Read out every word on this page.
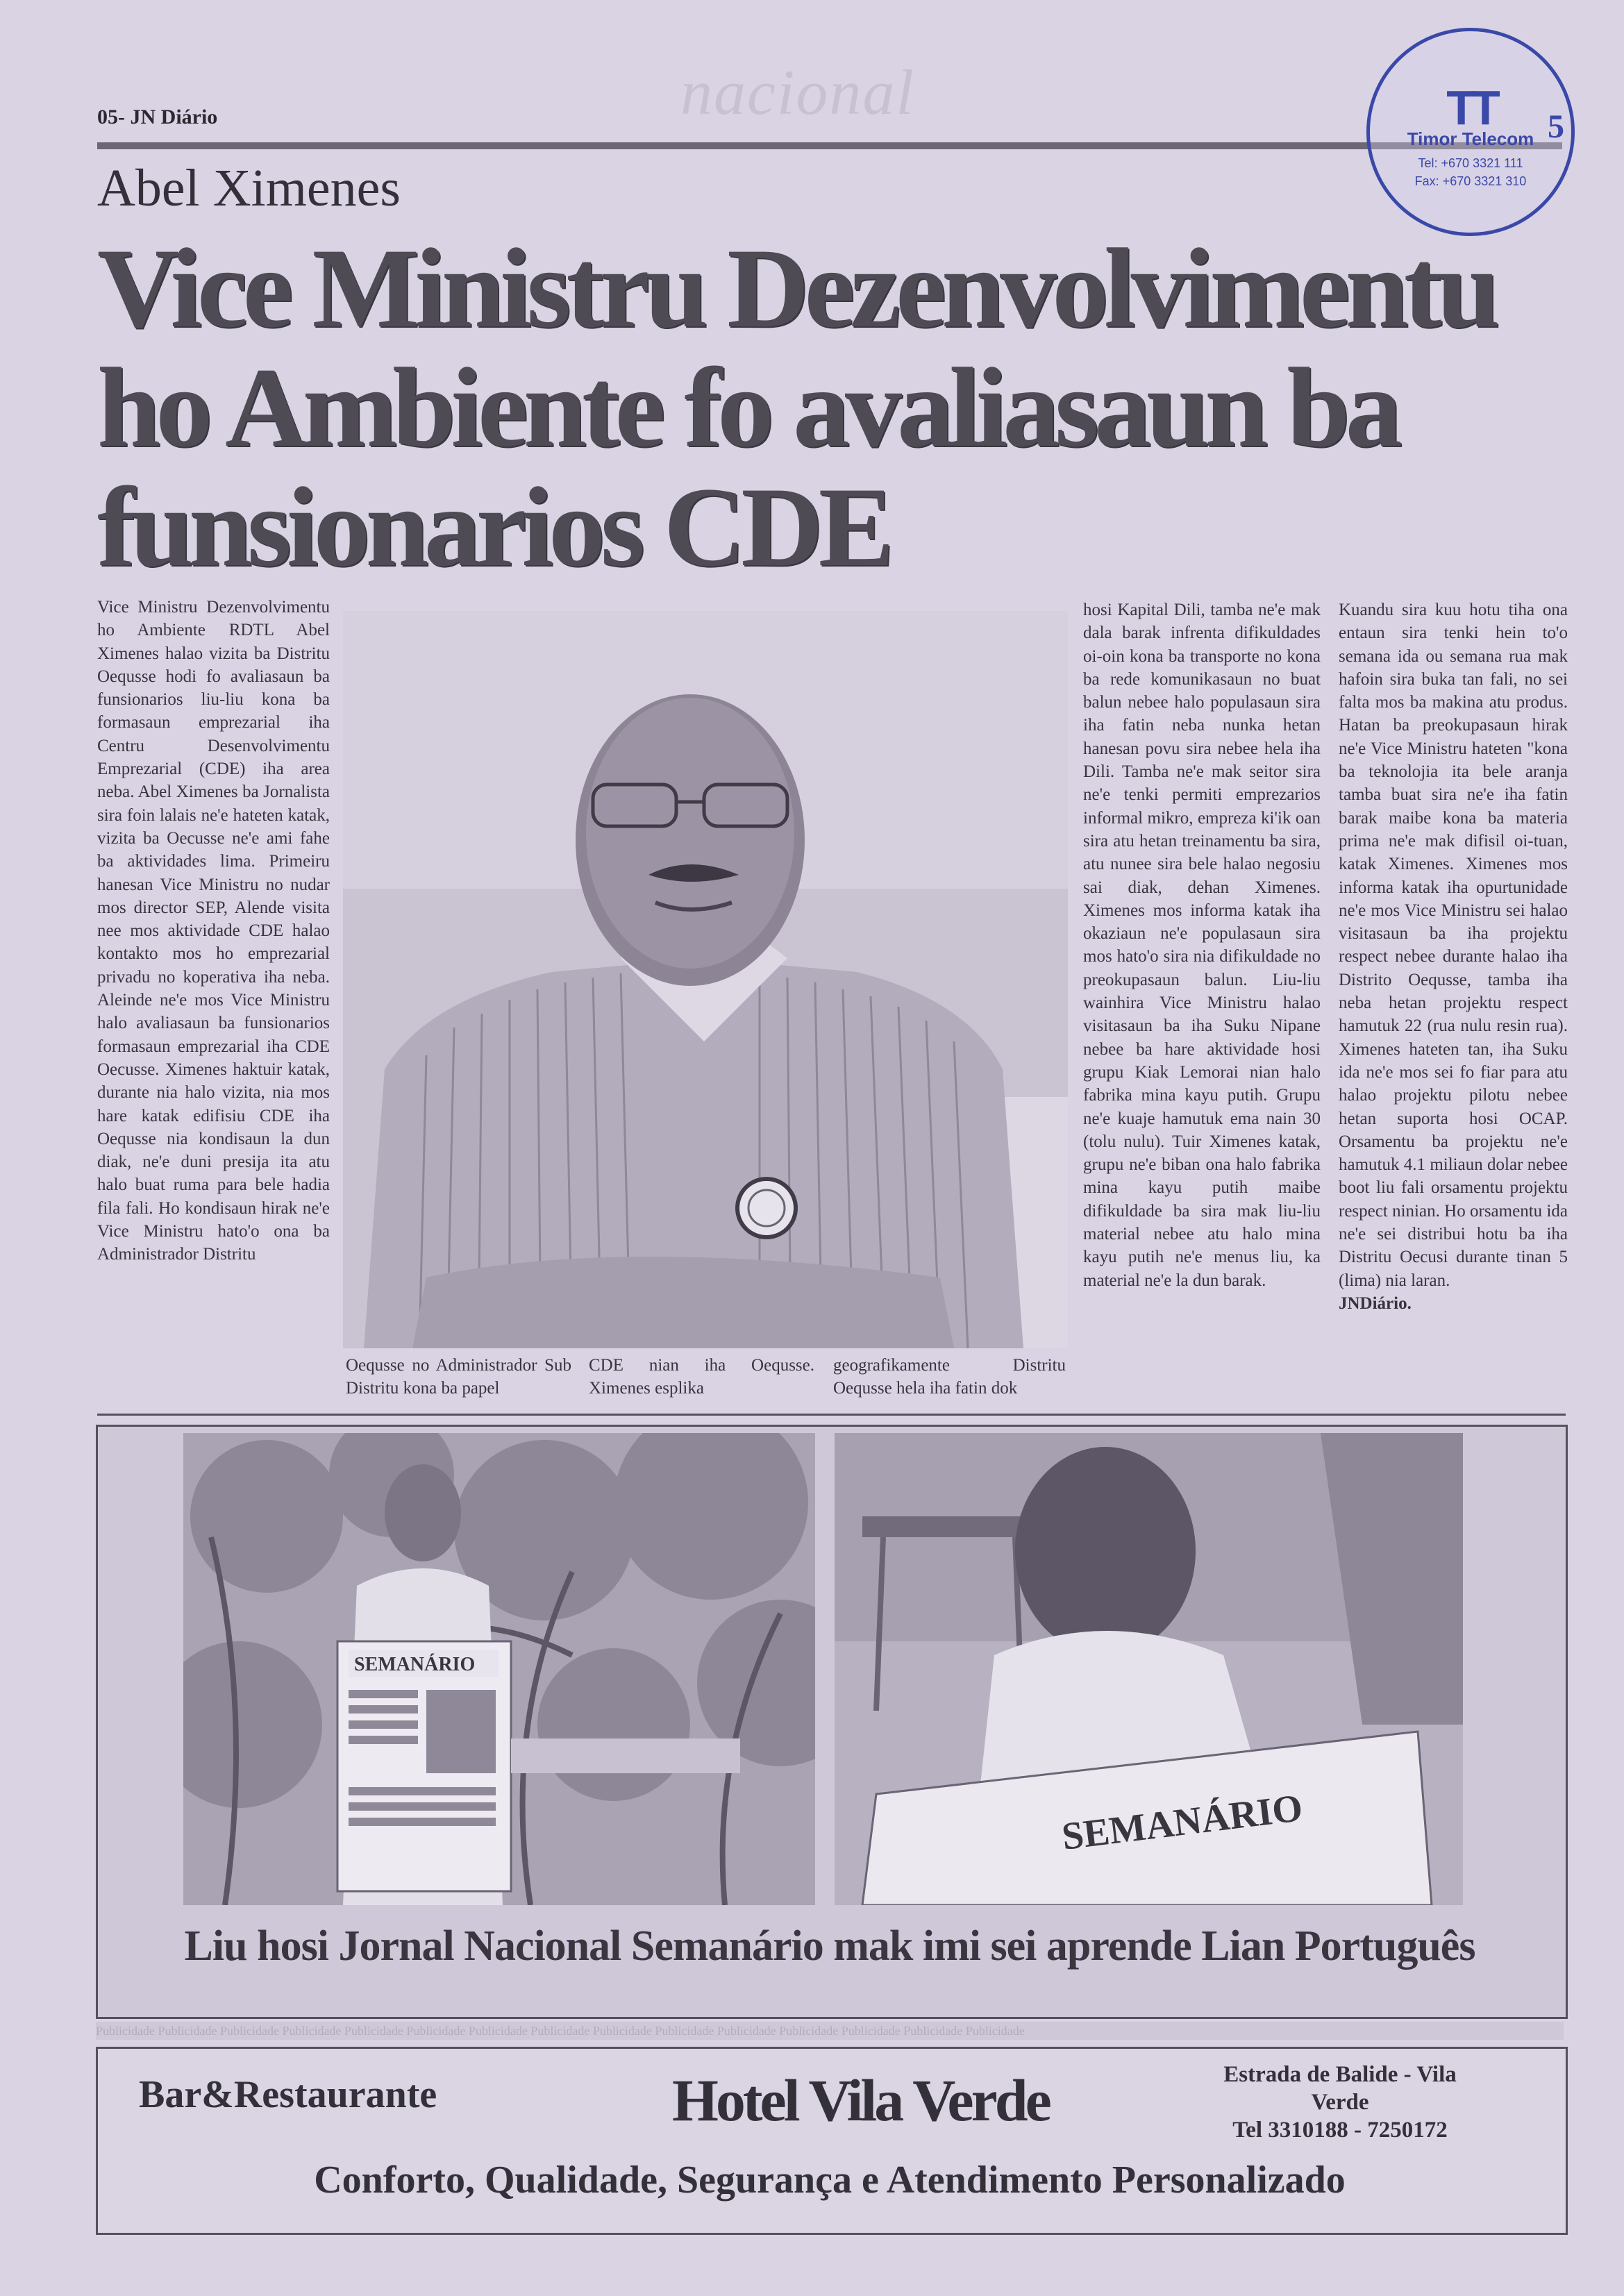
05- JN Diário	nacional	TT
Timor Telecom
Tel: +670 3321 111
Fax: +670 3321 310
5
Abel Ximenes
Vice Ministru Dezenvolvimentu ho Ambiente fo avaliasaun ba funsionarios CDE

Vice Ministru Dezenvolvimentu ho Ambiente RDTL Abel Ximenes halao vizita ba Distritu Oequsse hodi fo avaliasaun ba funsionarios liu-liu kona ba formasaun emprezarial iha Centru Desenvolvimentu Emprezarial (CDE) iha area neba. Abel Ximenes ba Jornalista sira foin lalais ne'e hateten katak, vizita ba Oecusse ne'e ami fahe ba aktividades lima. Primeiru hanesan Vice Ministru no nudar mos director SEP, Alende visita nee mos aktividade CDE halao kontakto mos ho emprezarial privadu no koperativa iha neba. Aleinde ne'e mos Vice Ministru halo avaliasaun ba funsionarios formasaun emprezarial iha CDE Oecusse. Ximenes haktuir katak, durante nia halo vizita, nia mos hare katak edifisiu CDE iha Oequsse nia kondisaun la dun diak, ne'e duni presija ita atu halo buat ruma para bele hadia fila fali. Ho kondisaun hirak ne'e Vice Ministru hato'o ona ba Administrador Distritu

Oequsse no Administrador Sub Distritu kona ba papel
CDE nian iha Oequsse. Ximenes esplika
geografikamente Distritu Oequsse hela iha fatin dok

hosi Kapital Dili, tamba ne'e mak dala barak infrenta difikuldades oi-oin kona ba transporte no kona ba rede komunikasaun no buat balun nebee halo populasaun sira iha fatin neba nunka hetan hanesan povu sira nebee hela iha Dili. Tamba ne'e mak seitor sira ne'e tenki permiti emprezarios informal mikro, empreza ki'ik oan sira atu hetan treinamentu ba sira, atu nunee sira bele halao negosiu sai diak, dehan Ximenes. Ximenes mos informa katak iha okaziaun ne'e populasaun sira mos hato'o sira nia difikuldade no preokupasaun balun. Liu-liu wainhira Vice Ministru halao visitasaun ba iha Suku Nipane nebee ba hare aktividade hosi grupu Kiak Lemorai nian halo fabrika mina kayu putih. Grupu ne'e kuaje hamutuk ema nain 30 (tolu nulu). Tuir Ximenes katak, grupu ne'e biban ona halo fabrika mina kayu putih maibe difikuldade ba sira mak liu-liu material nebee atu halo mina kayu putih ne'e menus liu, ka material ne'e la dun barak.

Kuandu sira kuu hotu tiha ona entaun sira tenki hein to'o semana ida ou semana rua mak hafoin sira buka tan fali, no sei falta mos ba makina atu produs. Hatan ba preokupasaun hirak ne'e Vice Ministru hateten "kona ba teknolojia ita bele aranja tamba buat sira ne'e iha fatin barak maibe kona ba materia prima ne'e mak difisil oi-tuan, katak Ximenes. Ximenes mos informa katak iha opurtunidade ne'e mos Vice Ministru sei halao visitasaun ba iha projektu respect nebee durante halao iha Distrito Oequsse, tamba iha neba hetan projektu respect hamutuk 22 (rua nulu resin rua). Ximenes hateten tan, iha Suku ida ne'e mos sei fo fiar para atu halao projektu pilotu nebee hetan suporta hosi OCAP. Orsamentu ba projektu ne'e hamutuk 4.1 miliaun dolar nebee boot liu fali orsamentu projektu respect ninian. Ho orsamentu ida ne'e sei distribui hotu ba iha Distritu Oecusi durante tinan 5 (lima) nia laran.

JNDiário.

SEMANÁRIO
SEMANÁRIO
Liu hosi Jornal Nacional Semanário mak imi sei aprende Lian Português
Publicidade Publicidade Publicidade Publicidade Publicidade Publicidade Publicidade Publicidade Publicidade Publicidade Publicidade Publicidade Publicidade Publicidade Publicidade
Bar&Restaurante	Hotel Vila Verde	Estrada de Balide - Vila Verde
Tel 3310188 - 7250172
Conforto, Qualidade, Segurança e Atendimento Personalizado
